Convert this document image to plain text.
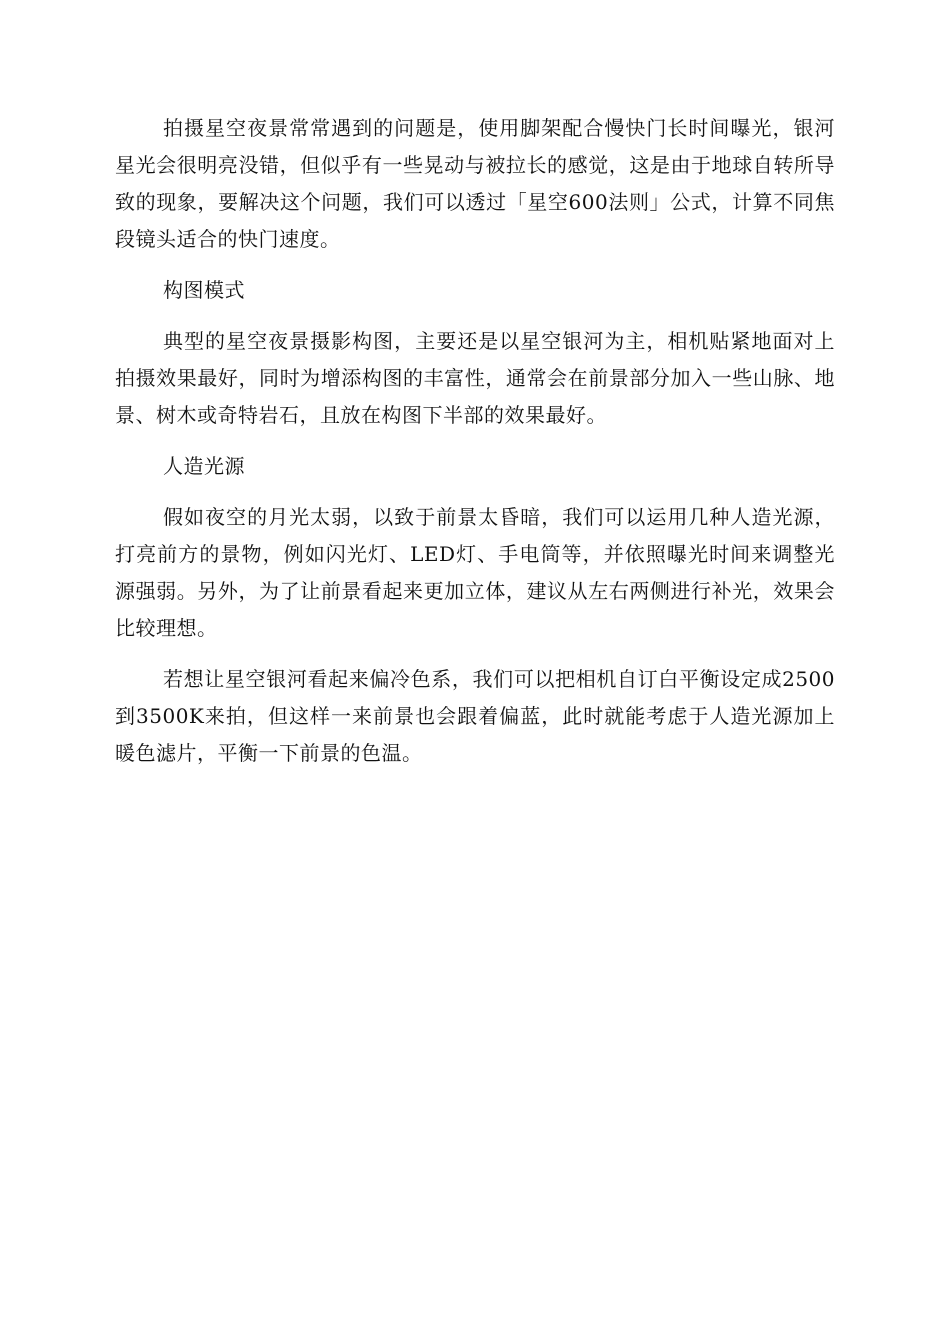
拍摄星空夜景常常遇到的问题是，使用脚架配合慢快门长时间曝光，银河星光会很明亮没错，但似乎有一些晃动与被拉长的感觉，这是由于地球自转所导致的现象，要解决这个问题，我们可以透过「星空600法则」公式，计算不同焦段镜头适合的快门速度。

构图模式

典型的星空夜景摄影构图，主要还是以星空银河为主，相机贴紧地面对上拍摄效果最好，同时为增添构图的丰富性，通常会在前景部分加入一些山脉、地景、树木或奇特岩石，且放在构图下半部的效果最好。

人造光源

假如夜空的月光太弱，以致于前景太昏暗，我们可以运用几种人造光源，打亮前方的景物，例如闪光灯、LED灯、手电筒等，并依照曝光时间来调整光源强弱。另外，为了让前景看起来更加立体，建议从左右两侧进行补光，效果会比较理想。

若想让星空银河看起来偏冷色系，我们可以把相机自订白平衡设定成2500到3500K来拍，但这样一来前景也会跟着偏蓝，此时就能考虑于人造光源加上暖色滤片，平衡一下前景的色温。
